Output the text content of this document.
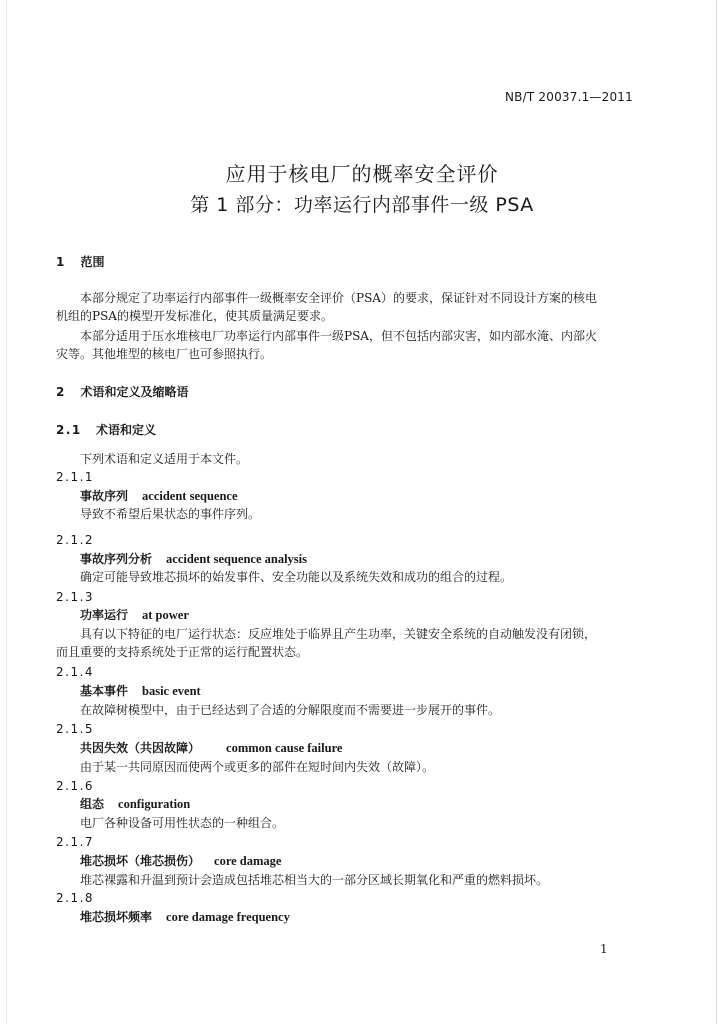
NB/T 20037.1—2011
应用于核电厂的概率安全评价
第 1 部分：功率运行内部事件一级 PSA
1 范围
本部分规定了功率运行内部事件一级概率安全评价（PSA）的要求，保证针对不同设计方案的核电
机组的PSA的模型开发标准化，使其质量满足要求。
本部分适用于压水堆核电厂功率运行内部事件一级PSA，但不包括内部灾害，如内部水淹、内部火
灾等。其他堆型的核电厂也可参照执行。
2 术语和定义及缩略语
2.1 术语和定义
下列术语和定义适用于本文件。
2.1.1
事故序列 accident sequence
导致不希望后果状态的事件序列。
2.1.2
事故序列分析 accident sequence analysis
确定可能导致堆芯损坏的始发事件、安全功能以及系统失效和成功的组合的过程。
2.1.3
功率运行 at power
具有以下特征的电厂运行状态：反应堆处于临界且产生功率，关键安全系统的自动触发没有闭锁，
而且重要的支持系统处于正常的运行配置状态。
2.1.4
基本事件 basic event
在故障树模型中，由于已经达到了合适的分解限度而不需要进一步展开的事件。
2.1.5
共因失效（共因故障） common cause failure
由于某一共同原因而使两个或更多的部件在短时间内失效（故障）。
2.1.6
组态 configuration
电厂各种设备可用性状态的一种组合。
2.1.7
堆芯损坏（堆芯损伤） core damage
堆芯裸露和升温到预计会造成包括堆芯相当大的一部分区域长期氧化和严重的燃料损坏。
2.1.8
堆芯损坏频率 core damage frequency
1
